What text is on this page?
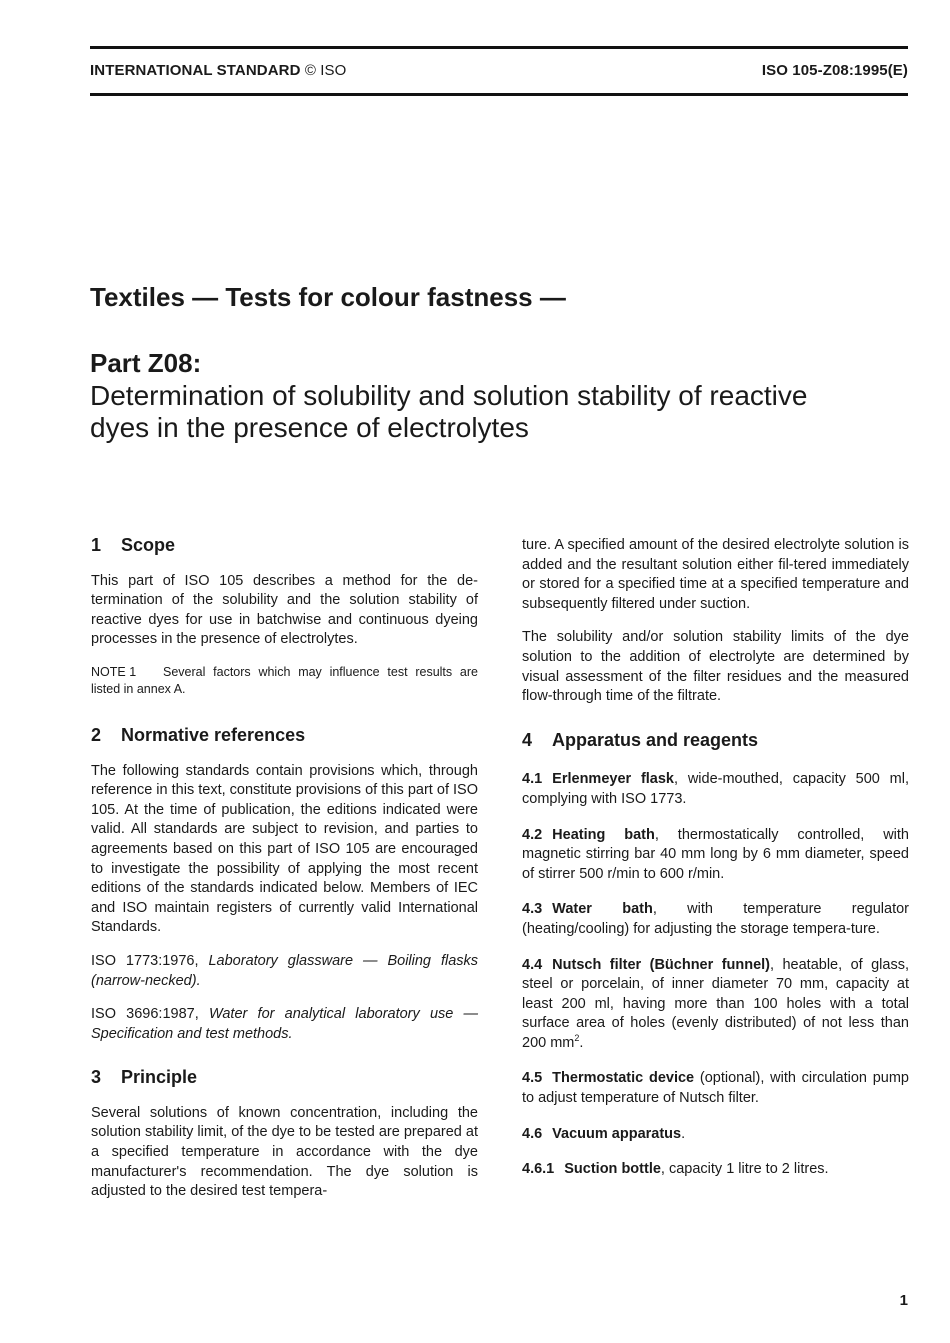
INTERNATIONAL STANDARD © ISO	ISO 105-Z08:1995(E)
Textiles — Tests for colour fastness —
Part Z08:
Determination of solubility and solution stability of reactive
dyes in the presence of electrolytes
1 Scope

This part of ISO 105 describes a method for the de-termination of the solubility and the solution stability of reactive dyes for use in batchwise and continuous dyeing processes in the presence of electrolytes.

NOTE 1 Several factors which may influence test results are listed in annex A.
2 Normative references

The following standards contain provisions which, through reference in this text, constitute provisions of this part of ISO 105. At the time of publication, the editions indicated were valid. All standards are subject to revision, and parties to agreements based on this part of ISO 105 are encouraged to investigate the possibility of applying the most recent editions of the standards indicated below. Members of IEC and ISO maintain registers of currently valid International Standards.

ISO 1773:1976, Laboratory glassware — Boiling flasks (narrow-necked).
ISO 3696:1987, Water for analytical laboratory use — Specification and test methods.
3 Principle

Several solutions of known concentration, including the solution stability limit, of the dye to be tested are prepared at a specified temperature in accordance with the dye manufacturer's recommendation. The dye solution is adjusted to the desired test tempera-

ture. A specified amount of the desired electrolyte solution is added and the resultant solution either fil-tered immediately or stored for a specified time at a specified temperature and subsequently filtered under suction.

The solubility and/or solution stability limits of the dye solution to the addition of electrolyte are determined by visual assessment of the filter residues and the measured flow-through time of the filtrate.

4 Apparatus and reagents
4.1 Erlenmeyer flask, wide-mouthed, capacity 500 ml, complying with ISO 1773.
4.2 Heating bath, thermostatically controlled, with magnetic stirring bar 40 mm long by 6 mm diameter, speed of stirrer 500 r/min to 600 r/min.
4.3 Water bath, with temperature regulator (heating/cooling) for adjusting the storage tempera-ture.
4.4 Nutsch filter (Büchner funnel), heatable, of glass, steel or porcelain, of inner diameter 70 mm, capacity at least 200 ml, having more than 100 holes with a total surface area of holes (evenly distributed) of not less than 200 $mm^2$.
4.5 Thermostatic device (optional), with circulation pump to adjust temperature of Nutsch filter.
4.6 Vacuum apparatus.
4.6.1 Suction bottle, capacity 1 litre to 2 litres.
1
